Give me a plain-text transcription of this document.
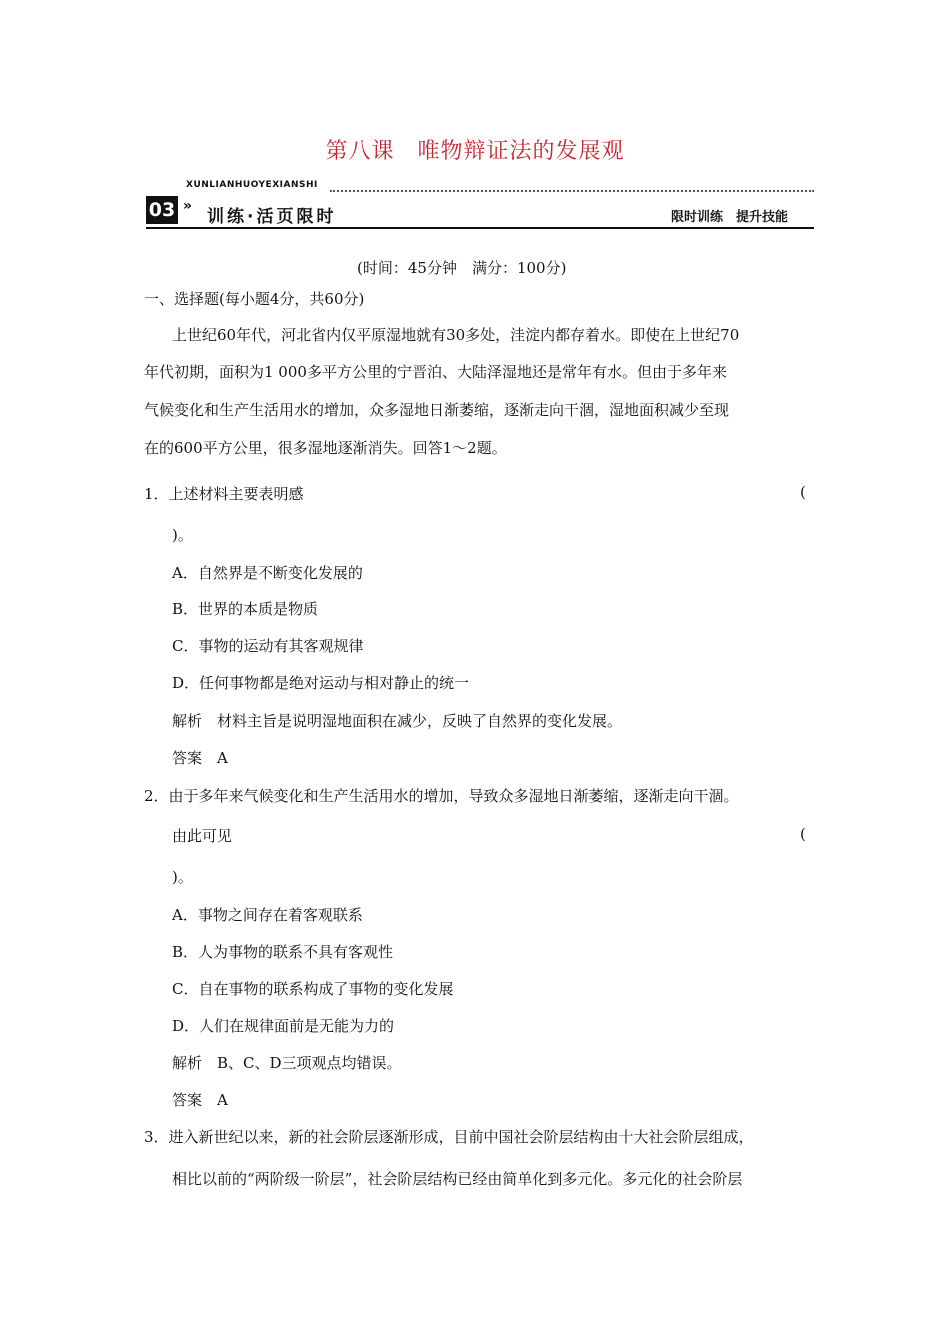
第八课　唯物辩证法的发展观
XUNLIANHUOYEXIANSHI
03 »
训练·活页限时	限时训练　提升技能
(时间：45分钟　满分：100分)
一、选择题(每小题4分，共60分)
上世纪60年代，河北省内仅平原湿地就有30多处，洼淀内都存着水。即使在上世纪70
年代初期，面积为1 000多平方公里的宁晋泊、大陆泽湿地还是常年有水。但由于多年来
气候变化和生产生活用水的增加，众多湿地日渐萎缩，逐渐走向干涸，湿地面积减少至现
在的600平方公里，很多湿地逐渐消失。回答1～2题。
1．上述材料主要表明感	(
)。
A．自然界是不断变化发展的
B．世界的本质是物质
C．事物的运动有其客观规律
D．任何事物都是绝对运动与相对静止的统一
解析　材料主旨是说明湿地面积在减少，反映了自然界的变化发展。
答案　A
2．由于多年来气候变化和生产生活用水的增加，导致众多湿地日渐萎缩，逐渐走向干涸。
由此可见	(
)。
A．事物之间存在着客观联系
B．人为事物的联系不具有客观性
C．自在事物的联系构成了事物的变化发展
D．人们在规律面前是无能为力的
解析　B、C、D三项观点均错误。
答案　A
3．进入新世纪以来，新的社会阶层逐渐形成，目前中国社会阶层结构由十大社会阶层组成，
相比以前的“两阶级一阶层”，社会阶层结构已经由简单化到多元化。多元化的社会阶层
